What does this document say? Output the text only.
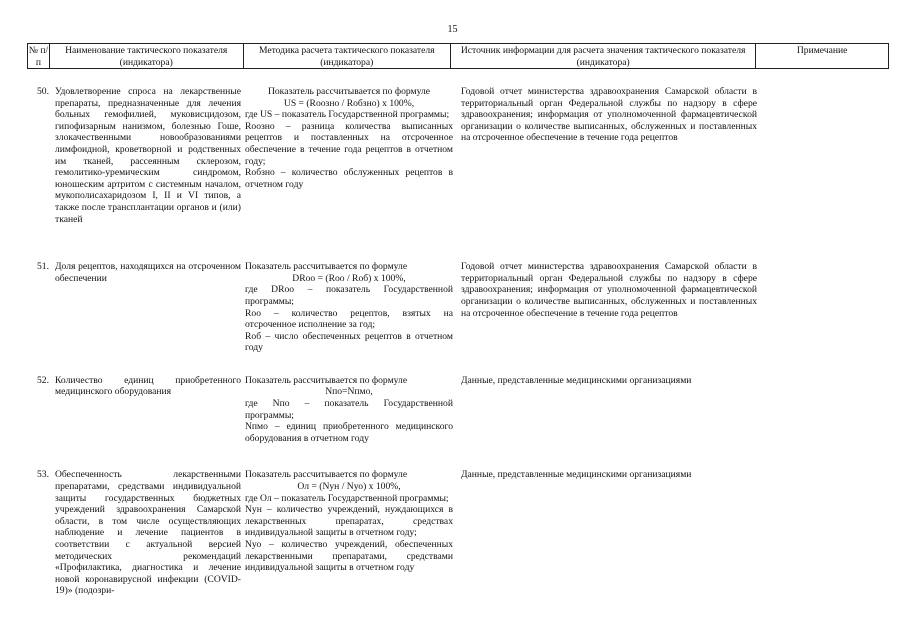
15
№ п/п
Наименование тактического показателя (индикатора)
Методика расчета тактического показателя (индикатора)
Источник информации для расчета значения тактического показателя (индикатора)
Примечание
50. Удовлетворение спроса на лекарственные препараты, предназначенные для лечения больных гемофилией, муковисцидозом, гипофизарным нанизмом, болезнью Гоше, злокачественными новообразованиями лимфоидной, кроветворной и родственных им тканей, рассеянным склерозом, гемолитико-уремическим синдромом, юношеским артритом с системным началом, мукополисахаридозом I, II и VI типов, а также после трансплантации органов и (или) тканей
Показатель рассчитывается по формуле
US = (Rоознo / Rобзно) x 100%,
где US – показатель Государственной программы;
Rоознo – разница количества выписанных рецептов и поставленных на отсроченное обеспечение в течение года рецептов в отчетном году;
Rобзно – количество обслуженных рецептов в отчетном году
Годовой отчет министерства здравоохранения Самарской области в территориальный орган Федеральной службы по надзору в сфере здравоохранения; информация от уполномоченной фармацевтической организации о количестве выписанных, обслуженных и поставленных на отсроченное обеспечение в течение года рецептов
51. Доля рецептов, находящихся на отсроченном обеспечении
Показатель рассчитывается по формуле
DRоо = (Rоо / Rоб) x 100%,
где DRоо – показатель Государственной программы;
Rоо – количество рецептов, взятых на отсроченное исполнение за год;
Rоб – число обеспеченных рецептов в отчетном году
Годовой отчет министерства здравоохранения Самарской области в территориальный орган Федеральной службы по надзору в сфере здравоохранения; информация от уполномоченной фармацевтической организации о количестве выписанных, обслуженных и поставленных на отсроченное обеспечение в течение года рецептов
52. Количество единиц приобретенного медицинского оборудования
Показатель рассчитывается по формуле
Nпо=Nпмо,
где Nпо – показатель Государственной программы;
Nпмо – единиц приобретенного медицинского оборудования в отчетном году
Данные, представленные медицинскими организациями
53. Обеспеченность лекарственными препаратами, средствами индивидуальной защиты государственных бюджетных учреждений здравоохранения Самарской области, в том числе осуществляющих наблюдение и лечение пациентов в соответствии с актуальной версией методических рекомендаций «Профилактика, диагностика и лечение новой коронавирусной инфекции (COVID-19)» (подозри-
Показатель рассчитывается по формуле
Oл = (Nун / Nуо) x 100%,
где Oл – показатель Государственной программы;
Nун – количество учреждений, нуждающихся в лекарственных препаратах, средствах индивидуальной защиты в отчетном году;
Nуо – количество учреждений, обеспеченных лекарственными препаратами, средствами индивидуальной защиты в отчетном году
Данные, представленные медицинскими организациями
